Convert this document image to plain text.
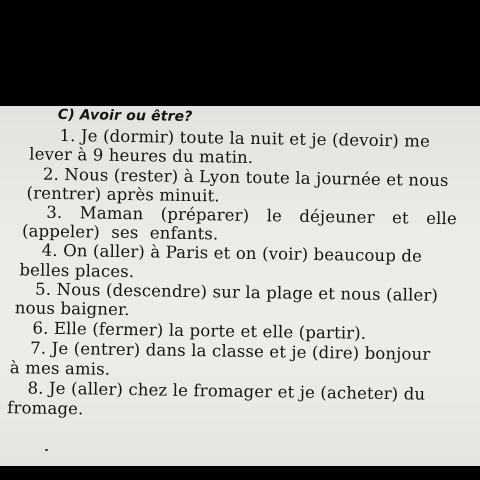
C) Avoir ou être?
1. Je (dormir) toute la nuit et je (devoir) me
lever à 9 heures du matin.
2. Nous (rester) à Lyon toute la journée et nous
(rentrer) après minuit.
3. Maman (préparer) le déjeuner et elle
(appeler) ses enfants.
4. On (aller) à Paris et on (voir) beaucoup de
belles places.
5. Nous (descendre) sur la plage et nous (aller)
nous baigner.
6. Elle (fermer) la porte et elle (partir).
7. Je (entrer) dans la classe et je (dire) bonjour
à mes amis.
8. Je (aller) chez le fromager et je (acheter) du
fromage.
